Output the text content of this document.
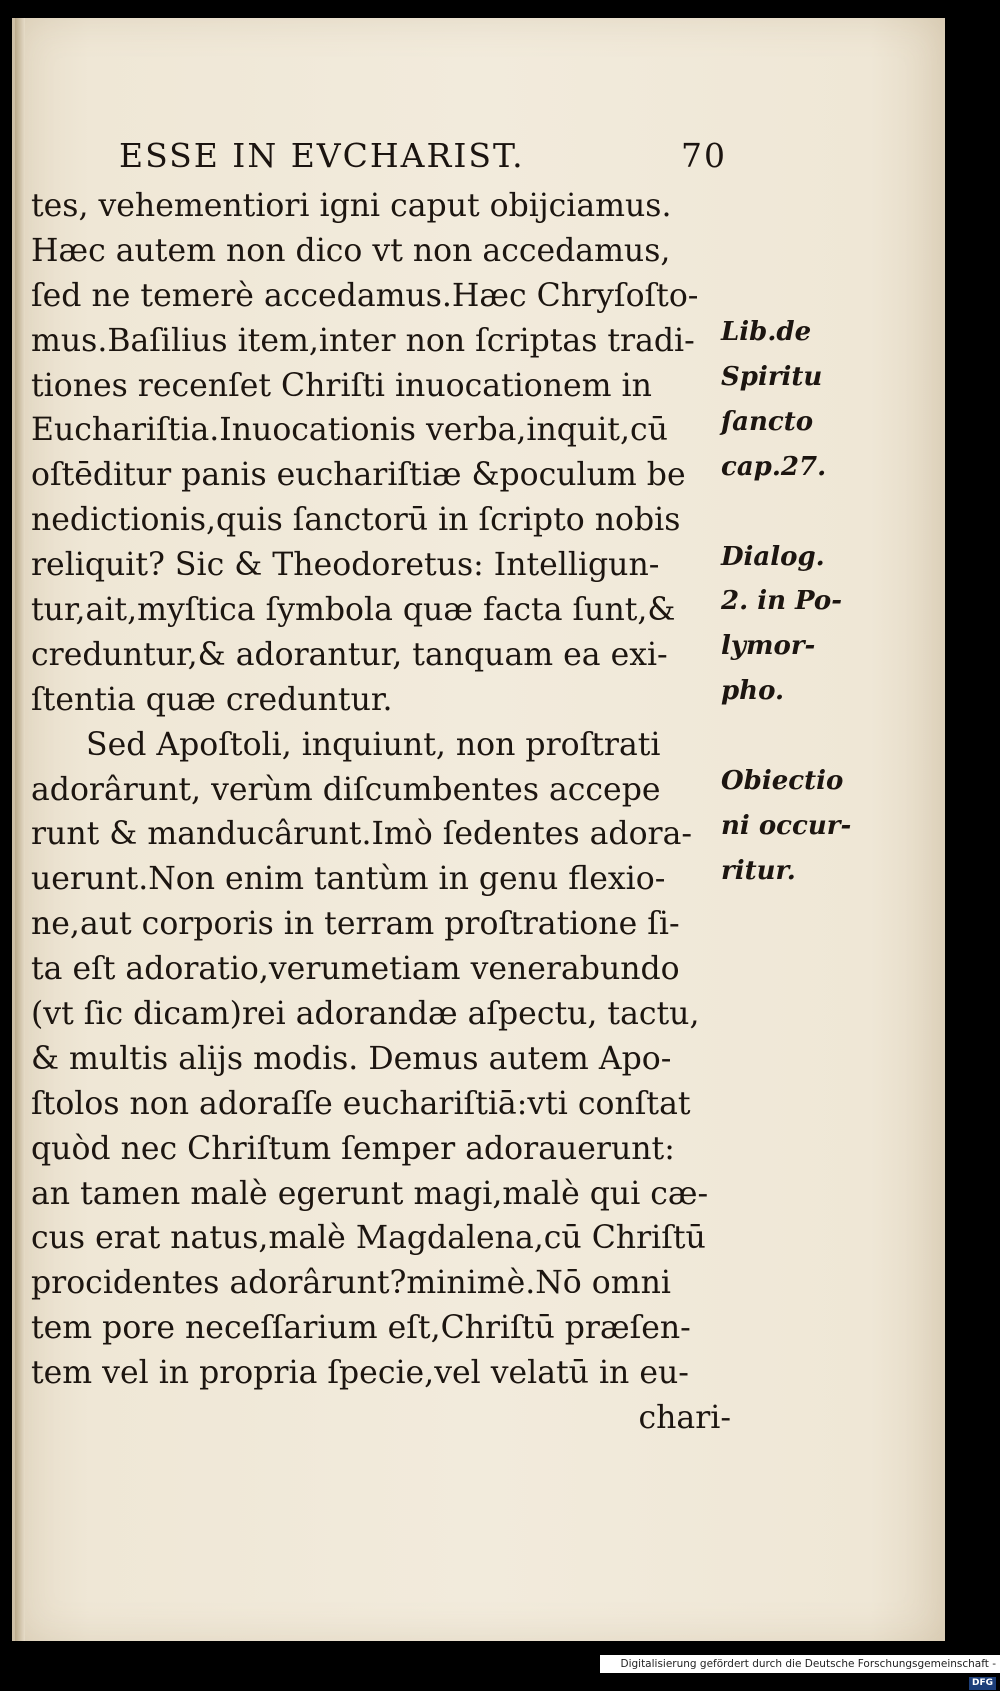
ESSE IN EVCHARIST.	70
tes, vehementiori igni caput obijciamus.
Hæc autem non dico vt non accedamus,
ſed ne temerè accedamus.Hæc Chryſoſto-
mus.Baſilius item,inter non ſcriptas tradi-
tiones recenſet Chriſti inuocationem in
Euchariſtia.Inuocationis verba,inquit,cū
oſtēditur panis euchariſtiæ &poculum be
nedictionis,quis ſanctorū in ſcripto nobis
reliquit? Sic & Theodoretus: Intelligun-
tur,ait,myſtica ſymbola quæ facta ſunt,&
creduntur,& adorantur, tanquam ea exi-
ſtentia quæ creduntur.
Sed Apoſtoli, inquiunt, non proſtrati
adorârunt, verùm diſcumbentes accepe
runt & manducârunt.Imò ſedentes adora-
uerunt.Non enim tantùm in genu flexio-
ne,aut corporis in terram proſtratione ſi-
ta eſt adoratio,verumetiam venerabundo
(vt ſic dicam)rei adorandæ aſpectu, tactu,
& multis alijs modis. Demus autem Apo-
ſtolos non adoraſſe euchariſtiā:vti conſtat
quòd nec Chriſtum ſemper adorauerunt:
an tamen malè egerunt magi,malè qui cæ-
cus erat natus,malè Magdalena,cū Chriſtū
procidentes adorârunt?minimè.Nō omni
tem pore neceſſarium eſt,Chriſtū præſen-
tem vel in propria ſpecie,vel velatū in eu-
chari-
Lib.de
Spiritu
ſancto
cap.27.
Dialog.
2. in Po-
lymor-
pho.
Obiectio
ni occur-
ritur.
Digitalisierung gefördert durch die Deutsche Forschungsgemeinschaft -DFG
